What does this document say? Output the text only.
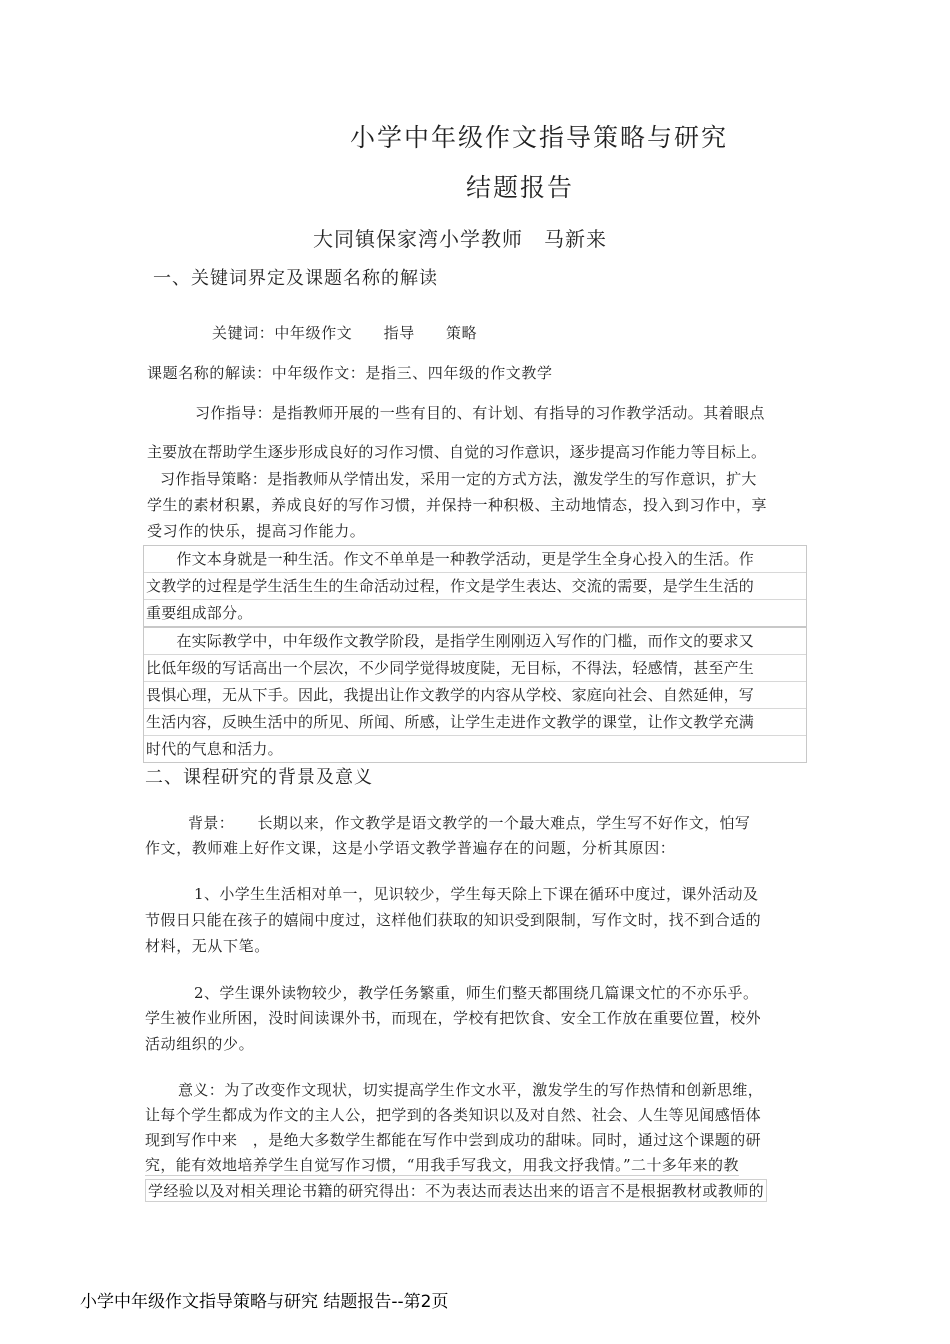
小学中年级作文指导策略与研究
结题报告
大同镇保家湾小学教师　马新来
一、关键词界定及课题名称的解读
关键词：中年级作文　　指导　　策略
课题名称的解读：中年级作文：是指三、四年级的作文教学
习作指导：是指教师开展的一些有目的、有计划、有指导的习作教学活动。其着眼点
主要放在帮助学生逐步形成良好的习作习惯、自觉的习作意识，逐步提高习作能力等目标上。
习作指导策略：是指教师从学情出发，采用一定的方式方法，激发学生的写作意识，扩大
学生的素材积累，养成良好的写作习惯，并保持一种积极、主动地情态，投入到习作中，享
受习作的快乐，提高习作能力。
　　作文本身就是一种生活。作文不单单是一种教学活动，更是学生全身心投入的生活。作
文教学的过程是学生活生生的生命活动过程，作文是学生表达、交流的需要，是学生生活的
重要组成部分。
　　在实际教学中，中年级作文教学阶段，是指学生刚刚迈入写作的门槛，而作文的要求又
比低年级的写话高出一个层次，不少同学觉得坡度陡，无目标，不得法，轻感情，甚至产生
畏惧心理，无从下手。因此，我提出让作文教学的内容从学校、家庭向社会、自然延伸，写
生活内容，反映生活中的所见、所闻、所感，让学生走进作文教学的课堂，让作文教学充满
时代的气息和活力。
二、课程研究的背景及意义
背景：　　长期以来，作文教学是语文教学的一个最大难点，学生写不好作文，怕写
作文，教师难上好作文课，这是小学语文教学普遍存在的问题，分析其原因：
1、小学生生活相对单一，见识较少，学生每天除上下课在循环中度过，课外活动及
节假日只能在孩子的嬉闹中度过，这样他们获取的知识受到限制，写作文时，找不到合适的
材料，无从下笔。
2、学生课外读物较少，教学任务繁重，师生们整天都围绕几篇课文忙的不亦乐乎。
学生被作业所困，没时间读课外书，而现在，学校有把饮食、安全工作放在重要位置，校外
活动组织的少。
意义：为了改变作文现状，切实提高学生作文水平，激发学生的写作热情和创新思维，
让每个学生都成为作文的主人公，把学到的各类知识以及对自然、社会、人生等见闻感悟体
现到写作中来　，是绝大多数学生都能在写作中尝到成功的甜味。同时，通过这个课题的研
究，能有效地培养学生自觉写作习惯，“用我手写我文，用我文抒我情。”二十多年来的教
学经验以及对相关理论书籍的研究得出：不为表达而表达出来的语言不是根据教材或教师的
小学中年级作文指导策略与研究 结题报告--第2页
